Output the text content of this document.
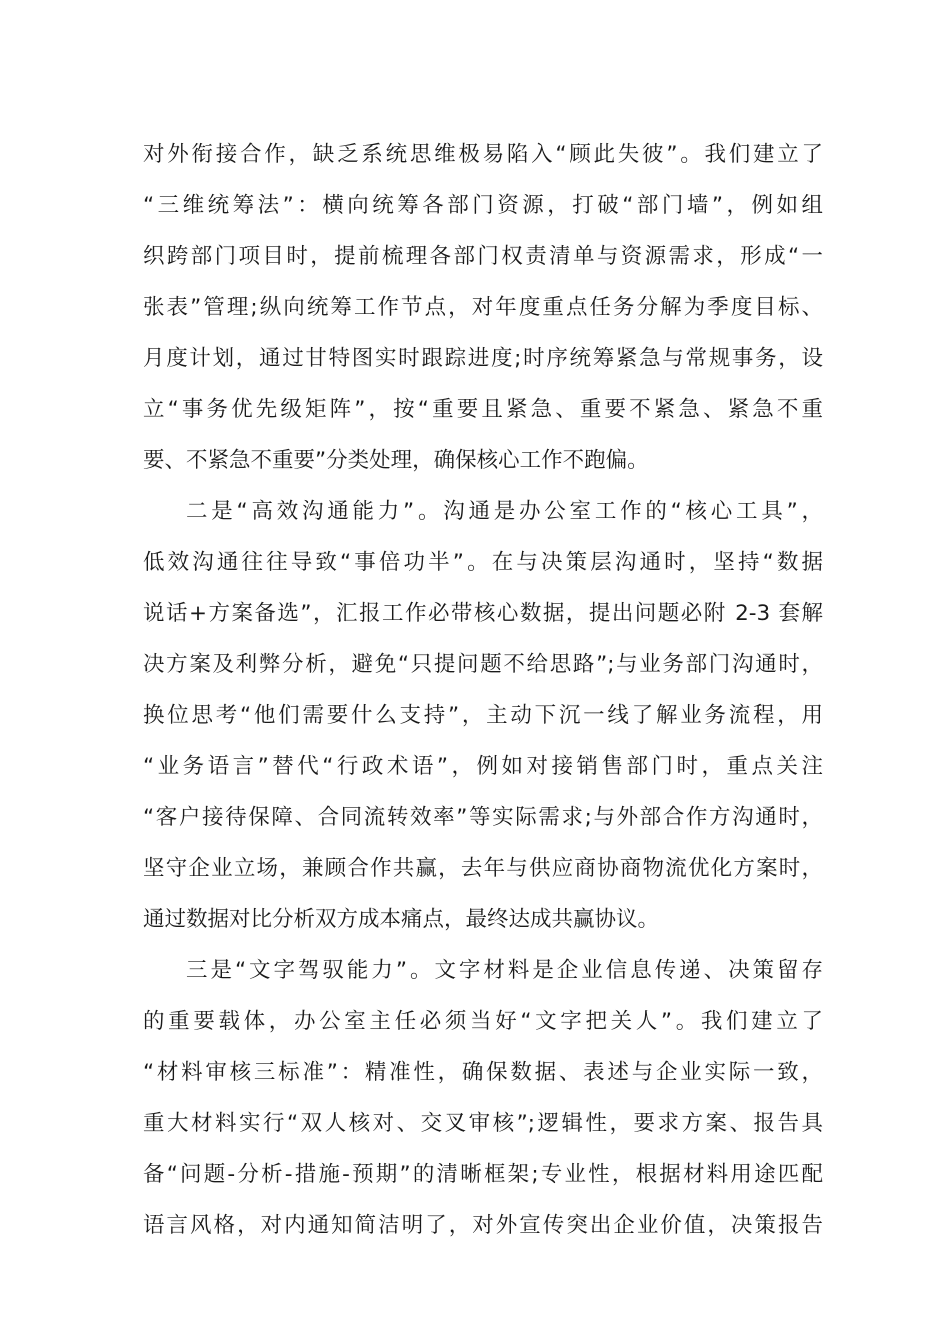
对外衔接合作，缺乏系统思维极易陷入“顾此失彼”。我们建立了
“三维统筹法”：横向统筹各部门资源，打破“部门墙”，例如组
织跨部门项目时，提前梳理各部门权责清单与资源需求，形成“一
张表”管理;纵向统筹工作节点，对年度重点任务分解为季度目标、
月度计划，通过甘特图实时跟踪进度;时序统筹紧急与常规事务，设
立“事务优先级矩阵”，按“重要且紧急、重要不紧急、紧急不重
要、不紧急不重要”分类处理，确保核心工作不跑偏。
二是“高效沟通能力”。沟通是办公室工作的“核心工具”，
低效沟通往往导致“事倍功半”。在与决策层沟通时，坚持“数据
说话+方案备选”，汇报工作必带核心数据，提出问题必附 2-3 套解
决方案及利弊分析，避免“只提问题不给思路”;与业务部门沟通时，
换位思考“他们需要什么支持”，主动下沉一线了解业务流程，用
“业务语言”替代“行政术语”，例如对接销售部门时，重点关注
“客户接待保障、合同流转效率”等实际需求;与外部合作方沟通时，
坚守企业立场，兼顾合作共赢，去年与供应商协商物流优化方案时，
通过数据对比分析双方成本痛点，最终达成共赢协议。
三是“文字驾驭能力”。文字材料是企业信息传递、决策留存
的重要载体，办公室主任必须当好“文字把关人”。我们建立了
“材料审核三标准”：精准性，确保数据、表述与企业实际一致，
重大材料实行“双人核对、交叉审核”;逻辑性，要求方案、报告具
备“问题-分析-措施-预期”的清晰框架;专业性，根据材料用途匹配
语言风格，对内通知简洁明了，对外宣传突出企业价值，决策报告
